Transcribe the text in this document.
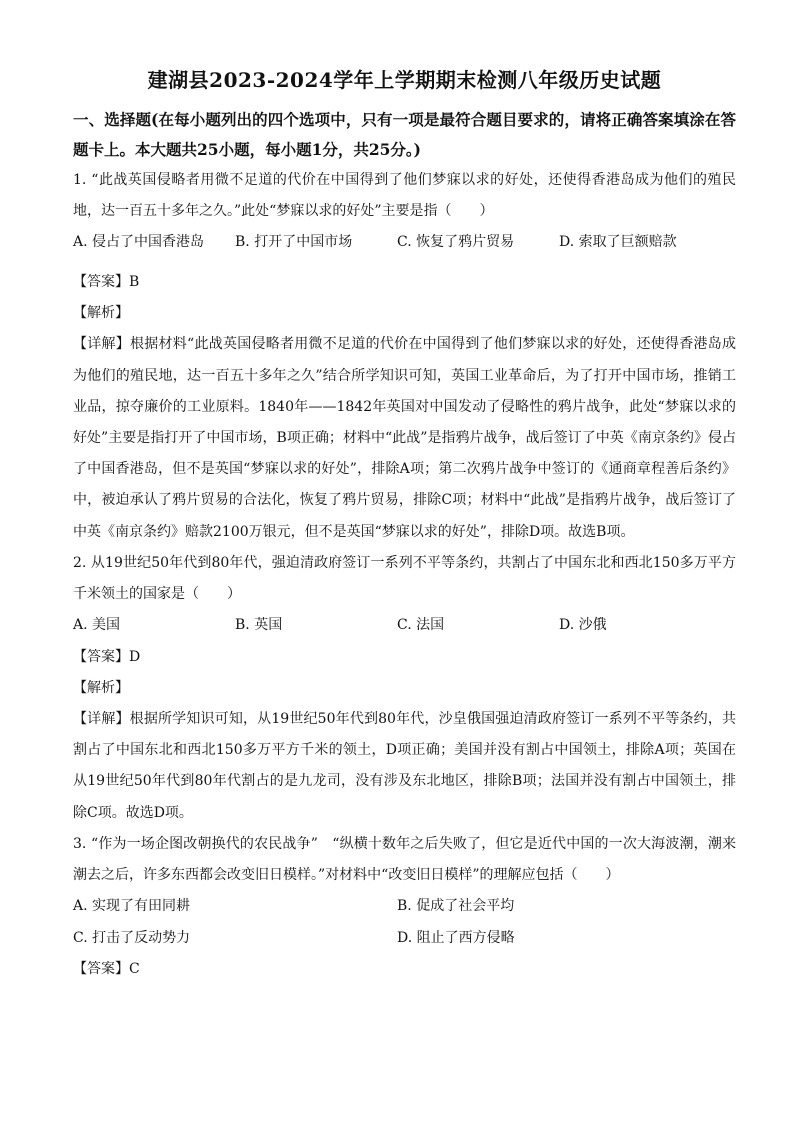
建湖县2023-2024学年上学期期末检测八年级历史试题

一、选择题(在每小题列出的四个选项中，只有一项是最符合题目要求的，请将正确答案填涂在答题卡上。本大题共25小题，每小题1分，共25分。)

1. “此战英国侵略者用微不足道的代价在中国得到了他们梦寐以求的好处，还使得香港岛成为他们的殖民地，达一百五十多年之久。”此处“梦寐以求的好处”主要是指（　　）

A. 侵占了中国香港岛	B. 打开了中国市场	C. 恢复了鸦片贸易	D. 索取了巨额赔款

【答案】B

【解析】

【详解】根据材料“此战英国侵略者用微不足道的代价在中国得到了他们梦寐以求的好处，还使得香港岛成为他们的殖民地，达一百五十多年之久”结合所学知识可知，英国工业革命后，为了打开中国市场，推销工业品，掠夺廉价的工业原料。1840年——1842年英国对中国发动了侵略性的鸦片战争，此处“梦寐以求的好处”主要是指打开了中国市场，B项正确；材料中“此战”是指鸦片战争，战后签订了中英《南京条约》侵占了中国香港岛，但不是英国“梦寐以求的好处”，排除A项；第二次鸦片战争中签订的《通商章程善后条约》中，被迫承认了鸦片贸易的合法化，恢复了鸦片贸易，排除C项；材料中“此战”是指鸦片战争，战后签订了中英《南京条约》赔款2100万银元，但不是英国“梦寐以求的好处”，排除D项。故选B项。

2. 从19世纪50年代到80年代，强迫清政府签订一系列不平等条约，共割占了中国东北和西北150多万平方千米领土的国家是（　　）

A. 美国	B. 英国	C. 法国	D. 沙俄

【答案】D

【解析】

【详解】根据所学知识可知，从19世纪50年代到80年代，沙皇俄国强迫清政府签订一系列不平等条约，共割占了中国东北和西北150多万平方千米的领土，D项正确；美国并没有割占中国领土，排除A项；英国在从19世纪50年代到80年代割占的是九龙司，没有涉及东北地区，排除B项；法国并没有割占中国领土，排除C项。故选D项。

3. “作为一场企图改朝换代的农民战争”　“纵横十数年之后失败了，但它是近代中国的一次大海波潮，潮来潮去之后，许多东西都会改变旧日模样。”对材料中“改变旧日模样”的理解应包括（　　）

A. 实现了有田同耕	B. 促成了社会平均
C. 打击了反动势力	D. 阻止了西方侵略

【答案】C
